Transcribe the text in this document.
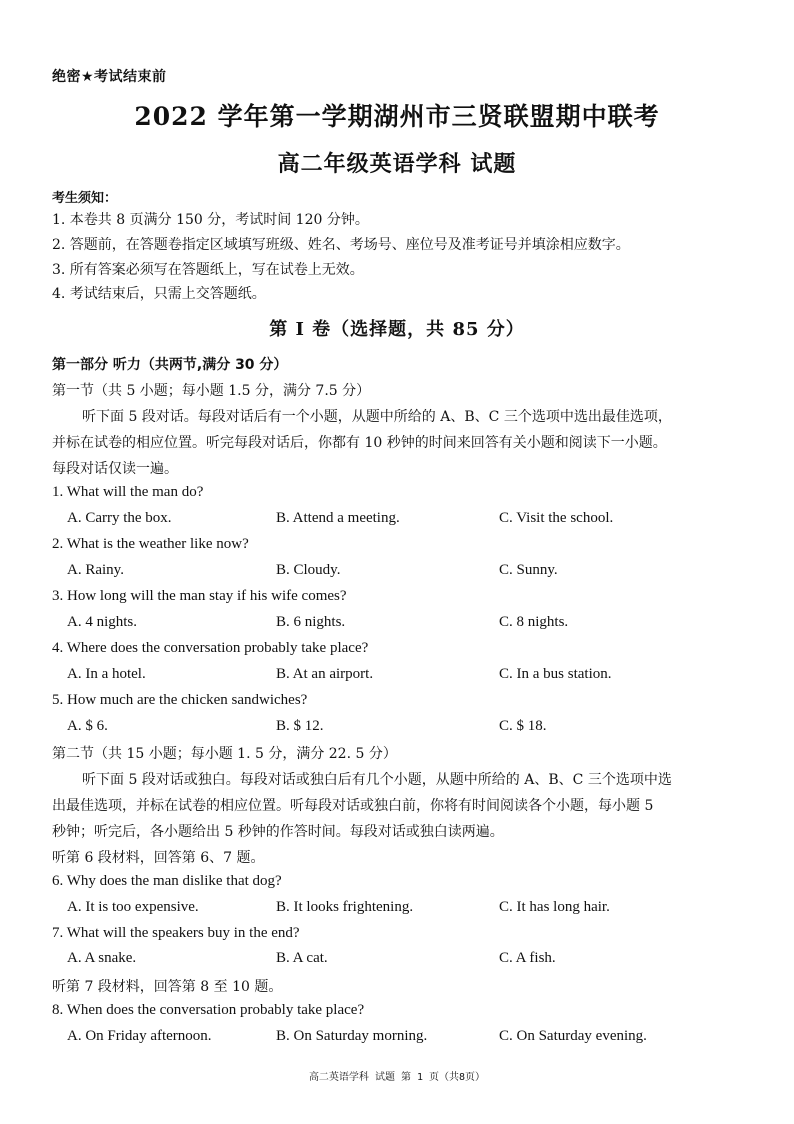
绝密★考试结束前
2022 学年第一学期湖州市三贤联盟期中联考
高二年级英语学科 试题
考生须知：
1. 本卷共 8 页满分 150 分，考试时间 120 分钟。
2. 答题前，在答题卷指定区域填写班级、姓名、考场号、座位号及准考证号并填涂相应数字。
3. 所有答案必须写在答题纸上，写在试卷上无效。
4. 考试结束后，只需上交答题纸。
第 I 卷（选择题，共 85 分）
第一部分 听力（共两节,满分 30 分）
第一节（共 5 小题；每小题 1.5 分，满分 7.5 分）
听下面 5 段对话。每段对话后有一个小题，从题中所给的 A、B、C 三个选项中选出最佳选项，
并标在试卷的相应位置。听完每段对话后，你都有 10 秒钟的时间来回答有关小题和阅读下一小题。
每段对话仅读一遍。
1. What will the man do?
A. Carry the box.	B. Attend a meeting.	C. Visit the school.
2. What is the weather like now?
A. Rainy.	B. Cloudy.	C. Sunny.
3. How long will the man stay if his wife comes?
A. 4 nights.	B. 6 nights.	C. 8 nights.
4. Where does the conversation probably take place?
A. In a hotel.	B. At an airport.	C. In a bus station.
5. How much are the chicken sandwiches?
A. $ 6.	B. $ 12.	C. $ 18.
第二节（共 15 小题；每小题 1. 5 分，满分 22. 5 分）
听下面 5 段对话或独白。每段对话或独白后有几个小题，从题中所给的 A、B、C 三个选项中选
出最佳选项，并标在试卷的相应位置。听每段对话或独白前，你将有时间阅读各个小题，每小题 5
秒钟；听完后，各小题给出 5 秒钟的作答时间。每段对话或独白读两遍。
听第 6 段材料，回答第 6、7 题。
6. Why does the man dislike that dog?
A. It is too expensive.	B. It looks frightening.	C. It has long hair.
7. What will the speakers buy in the end?
A. A snake.	B. A cat.	C. A fish.
听第 7 段材料，回答第 8 至 10 题。
8. When does the conversation probably take place?
A. On Friday afternoon.	B. On Saturday morning.	C. On Saturday evening.
高二英语学科 试题 第 1 页（共8页）
